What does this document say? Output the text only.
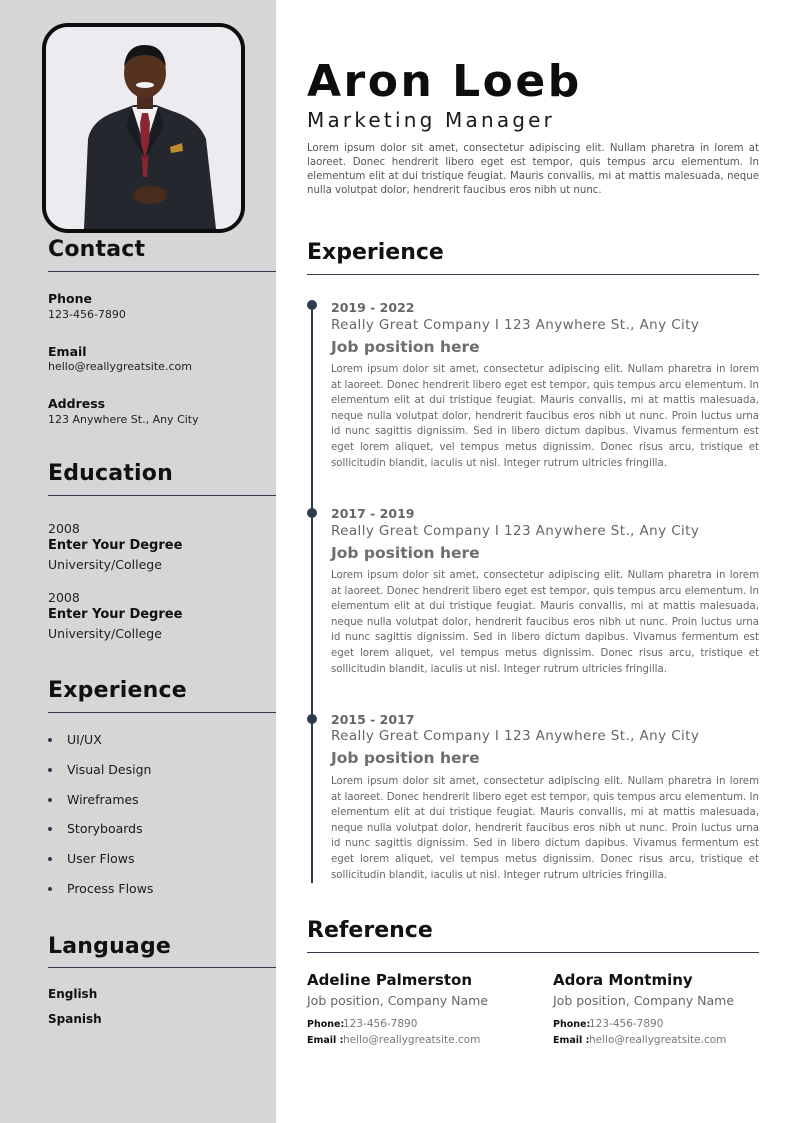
Contact
Phone
123-456-7890
Email
hello@reallygreatsite.com
Address
123 Anywhere St., Any City
Education
2008
Enter Your Degree
University/College
2008
Enter Your Degree
University/College
Experience
UI/UX
Visual Design
Wireframes
Storyboards
User Flows
Process Flows
Language
English
Spanish
Aron Loeb
Marketing Manager

Lorem ipsum dolor sit amet, consectetur adipiscing elit. Nullam pharetra in lorem at laoreet. Donec hendrerit libero eget est tempor, quis tempus arcu elementum. In elementum elit at dui tristique feugiat. Mauris convallis, mi at mattis malesuada, neque nulla volutpat dolor, hendrerit faucibus eros nibh ut nunc.

Experience
2019 - 2022
Really Great Company I 123 Anywhere St., Any City
Job position here

Lorem ipsum dolor sit amet, consectetur adipiscing elit. Nullam pharetra in lorem at laoreet. Donec hendrerit libero eget est tempor, quis tempus arcu elementum. In elementum elit at dui tristique feugiat. Mauris convallis, mi at mattis malesuada, neque nulla volutpat dolor, hendrerit faucibus eros nibh ut nunc. Proin luctus urna id nunc sagittis dignissim. Sed in libero dictum dapibus. Vivamus fermentum est eget lorem aliquet, vel tempus metus dignissim. Donec risus arcu, tristique et sollicitudin blandit, iaculis ut nisl. Integer rutrum ultricies fringilla.

2017 - 2019
Really Great Company I 123 Anywhere St., Any City
Job position here

Lorem ipsum dolor sit amet, consectetur adipiscing elit. Nullam pharetra in lorem at laoreet. Donec hendrerit libero eget est tempor, quis tempus arcu elementum. In elementum elit at dui tristique feugiat. Mauris convallis, mi at mattis malesuada, neque nulla volutpat dolor, hendrerit faucibus eros nibh ut nunc. Proin luctus urna id nunc sagittis dignissim. Sed in libero dictum dapibus. Vivamus fermentum est eget lorem aliquet, vel tempus metus dignissim. Donec risus arcu, tristique et sollicitudin blandit, iaculis ut nisl. Integer rutrum ultricies fringilla.

2015 - 2017
Really Great Company I 123 Anywhere St., Any City
Job position here

Lorem ipsum dolor sit amet, consectetur adipiscing elit. Nullam pharetra in lorem at laoreet. Donec hendrerit libero eget est tempor, quis tempus arcu elementum. In elementum elit at dui tristique feugiat. Mauris convallis, mi at mattis malesuada, neque nulla volutpat dolor, hendrerit faucibus eros nibh ut nunc. Proin luctus urna id nunc sagittis dignissim. Sed in libero dictum dapibus. Vivamus fermentum est eget lorem aliquet, vel tempus metus dignissim. Donec risus arcu, tristique et sollicitudin blandit, iaculis ut nisl. Integer rutrum ultricies fringilla.

Reference
Adeline Palmerston
Job position, Company Name
Phone:123-456-7890
Email :hello@reallygreatsite.com
Adora Montminy
Job position, Company Name
Phone:123-456-7890
Email :hello@reallygreatsite.com
